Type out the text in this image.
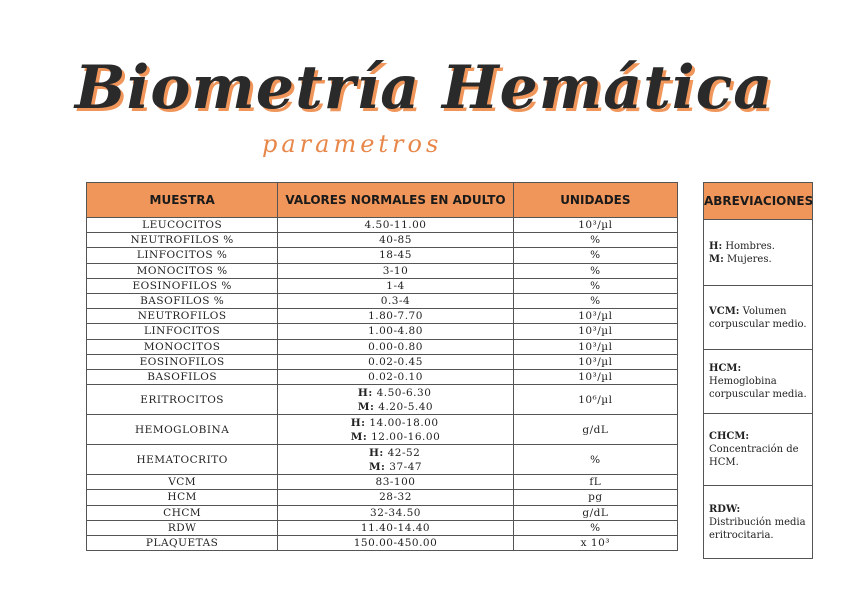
Biometría Hemática
parametros
MUESTRA	VALORES NORMALES EN ADULTO	UNIDADES
LEUCOCITOS	4.50-11.00	10³/µl
NEUTROFILOS %	40-85	%
LINFOCITOS %	18-45	%
MONOCITOS %	3-10	%
EOSINOFILOS %	1-4	%
BASOFILOS %	0.3-4	%
NEUTROFILOS	1.80-7.70	10³/µl
LINFOCITOS	1.00-4.80	10³/µl
MONOCITOS	0.00-0.80	10³/µl
EOSINOFILOS	0.02-0.45	10³/µl
BASOFILOS	0.02-0.10	10³/µl
ERITROCITOS	H: 4.50-6.30
M: 4.20-5.40	10⁶/µl
HEMOGLOBINA	H: 14.00-18.00
M: 12.00-16.00	g/dL
HEMATOCRITO	H: 42-52
M: 37-47	%
VCM	83-100	fL
HCM	28-32	pg
CHCM	32-34.50	g/dL
RDW	11.40-14.40	%
PLAQUETAS	150.00-450.00	x 10³
ABREVIACIONES
H: Hombres.
M: Mujeres.
VCM: Volumen corpuscular medio.
HCM:
Hemoglobina corpuscular media.
CHCM:
Concentración de HCM.
RDW:
Distribución media eritrocitaria.
